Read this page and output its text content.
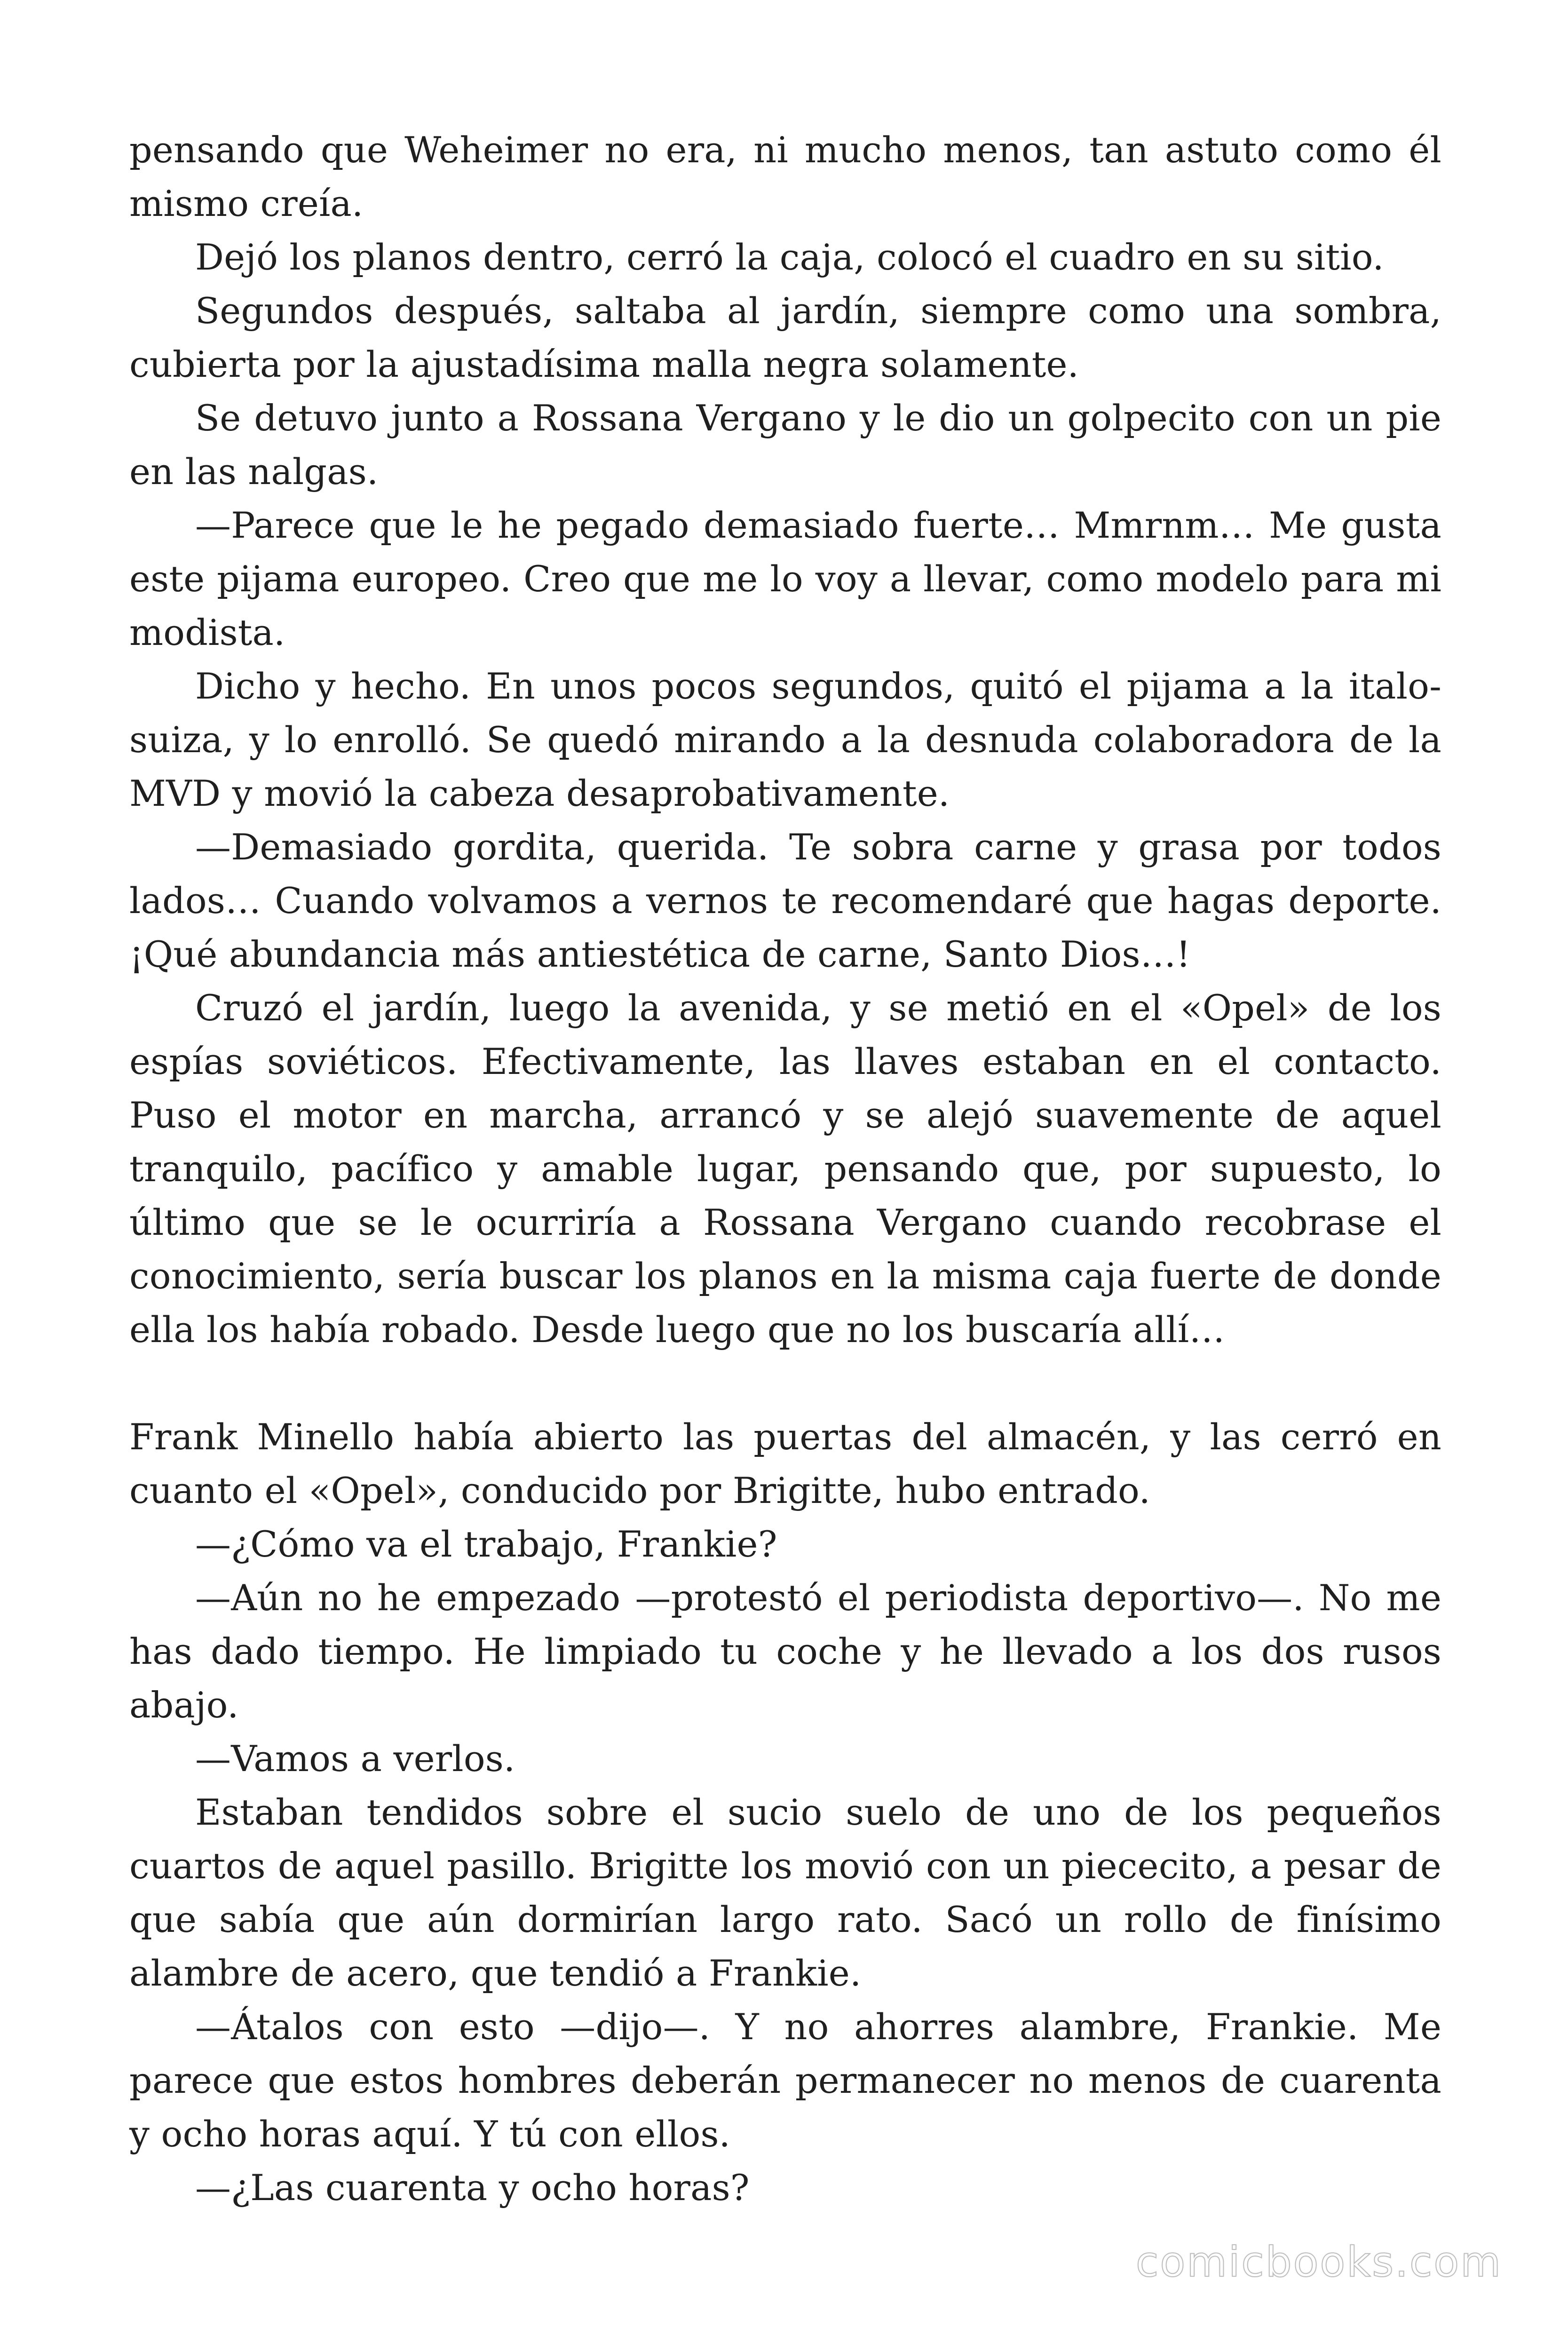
pensando que Weheimer no era, ni mucho menos, tan astuto como él mismo creía.

Dejó los planos dentro, cerró la caja, colocó el cuadro en su sitio.

Segundos después, saltaba al jardín, siempre como una sombra, cubierta por la ajustadísima malla negra solamente.

Se detuvo junto a Rossana Vergano y le dio un golpecito con un pie en las nalgas.

—Parece que le he pegado demasiado fuerte… Mmrnm… Me gusta este pijama europeo. Creo que me lo voy a llevar, como modelo para mi modista.

Dicho y hecho. En unos pocos segundos, quitó el pijama a la italo-suiza, y lo enrolló. Se quedó mirando a la desnuda colaboradora de la MVD y movió la cabeza desaprobativamente.

—Demasiado gordita, querida. Te sobra carne y grasa por todos lados… Cuando volvamos a vernos te recomendaré que hagas deporte. ¡Qué abundancia más antiestética de carne, Santo Dios…!

Cruzó el jardín, luego la avenida, y se metió en el «Opel» de los espías soviéticos. Efectivamente, las llaves estaban en el contacto. Puso el motor en marcha, arrancó y se alejó suavemente de aquel tranquilo, pacífico y amable lugar, pensando que, por supuesto, lo último que se le ocurriría a Rossana Vergano cuando recobrase el conocimiento, sería buscar los planos en la misma caja fuerte de donde ella los había robado. Desde luego que no los buscaría allí…

Frank Minello había abierto las puertas del almacén, y las cerró en cuanto el «Opel», conducido por Brigitte, hubo entrado.

—¿Cómo va el trabajo, Frankie?

—Aún no he empezado —protestó el periodista deportivo—. No me has dado tiempo. He limpiado tu coche y he llevado a los dos rusos abajo.

—Vamos a verlos.

Estaban tendidos sobre el sucio suelo de uno de los pequeños cuartos de aquel pasillo. Brigitte los movió con un piececito, a pesar de que sabía que aún dormirían largo rato. Sacó un rollo de finísimo alambre de acero, que tendió a Frankie.

—Átalos con esto —dijo—. Y no ahorres alambre, Frankie. Me parece que estos hombres deberán permanecer no menos de cuarenta y ocho horas aquí. Y tú con ellos.

—¿Las cuarenta y ocho horas?

comicbooks.com
